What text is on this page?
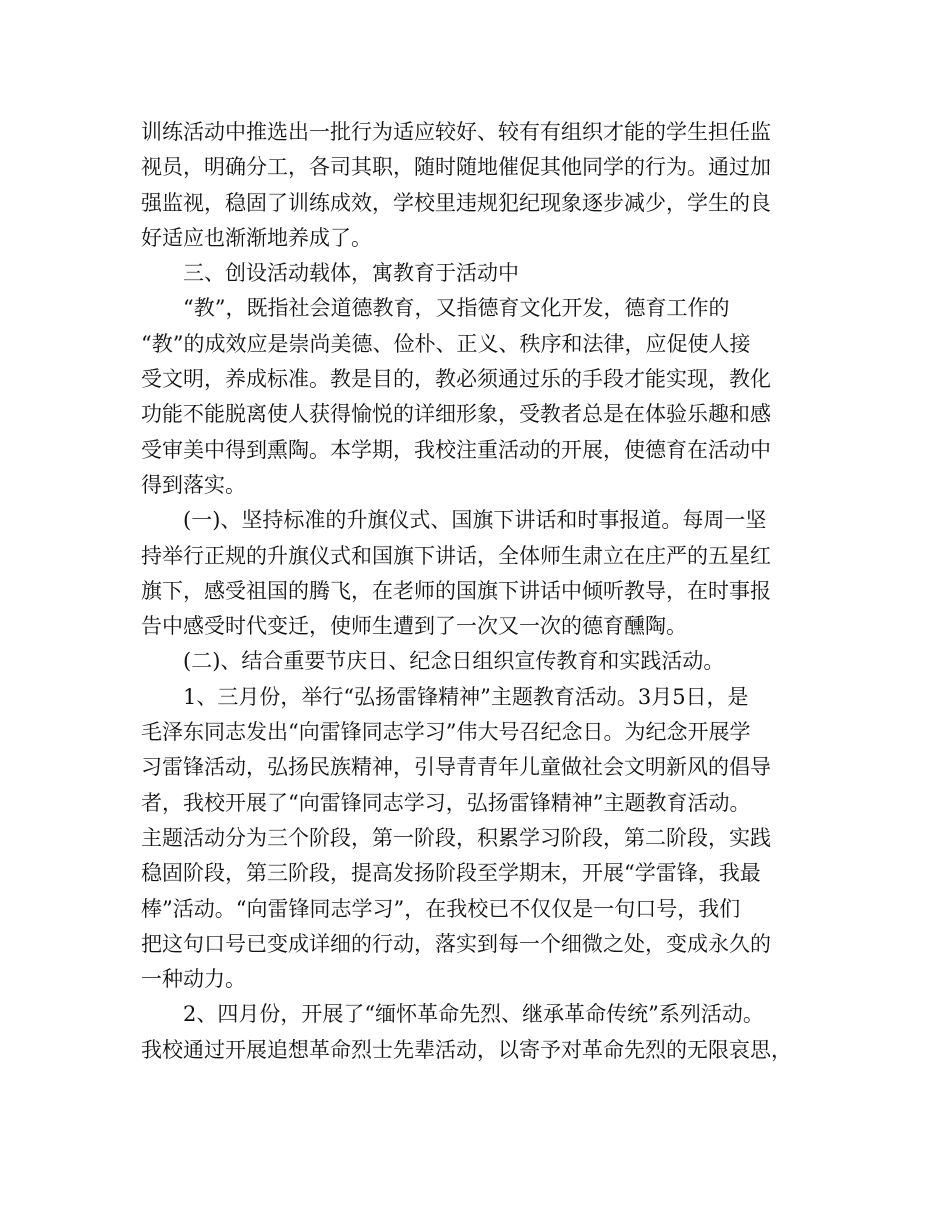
训练活动中推选出一批行为适应较好、较有有组织才能的学生担任监
视员，明确分工，各司其职，随时随地催促其他同学的行为。通过加
强监视，稳固了训练成效，学校里违规犯纪现象逐步减少，学生的良
好适应也渐渐地养成了。
　　三、创设活动载体，寓教育于活动中
　　“教”，既指社会道德教育，又指德育文化开发，德育工作的
“教”的成效应是崇尚美德、俭朴、正义、秩序和法律，应促使人接
受文明，养成标准。教是目的，教必须通过乐的手段才能实现，教化
功能不能脱离使人获得愉悦的详细形象，受教者总是在体验乐趣和感
受审美中得到熏陶。本学期，我校注重活动的开展，使德育在活动中
得到落实。
　　(一)、坚持标准的升旗仪式、国旗下讲话和时事报道。每周一坚
持举行正规的升旗仪式和国旗下讲话，全体师生肃立在庄严的五星红
旗下，感受祖国的腾飞，在老师的国旗下讲话中倾听教导，在时事报
告中感受时代变迁，使师生遭到了一次又一次的德育醺陶。
　　(二)、结合重要节庆日、纪念日组织宣传教育和实践活动。
　　1、三月份，举行“弘扬雷锋精神”主题教育活动。3月5日，是
毛泽东同志发出“向雷锋同志学习”伟大号召纪念日。为纪念开展学
习雷锋活动，弘扬民族精神，引导青青年儿童做社会文明新风的倡导
者，我校开展了“向雷锋同志学习，弘扬雷锋精神”主题教育活动。
主题活动分为三个阶段，第一阶段，积累学习阶段，第二阶段，实践
稳固阶段，第三阶段，提高发扬阶段至学期末，开展“学雷锋，我最
棒”活动。“向雷锋同志学习”，在我校已不仅仅是一句口号，我们
把这句口号已变成详细的行动，落实到每一个细微之处，变成永久的
一种动力。
　　2、四月份，开展了“缅怀革命先烈、继承革命传统”系列活动。
我校通过开展追想革命烈士先辈活动，以寄予对革命先烈的无限哀思，
